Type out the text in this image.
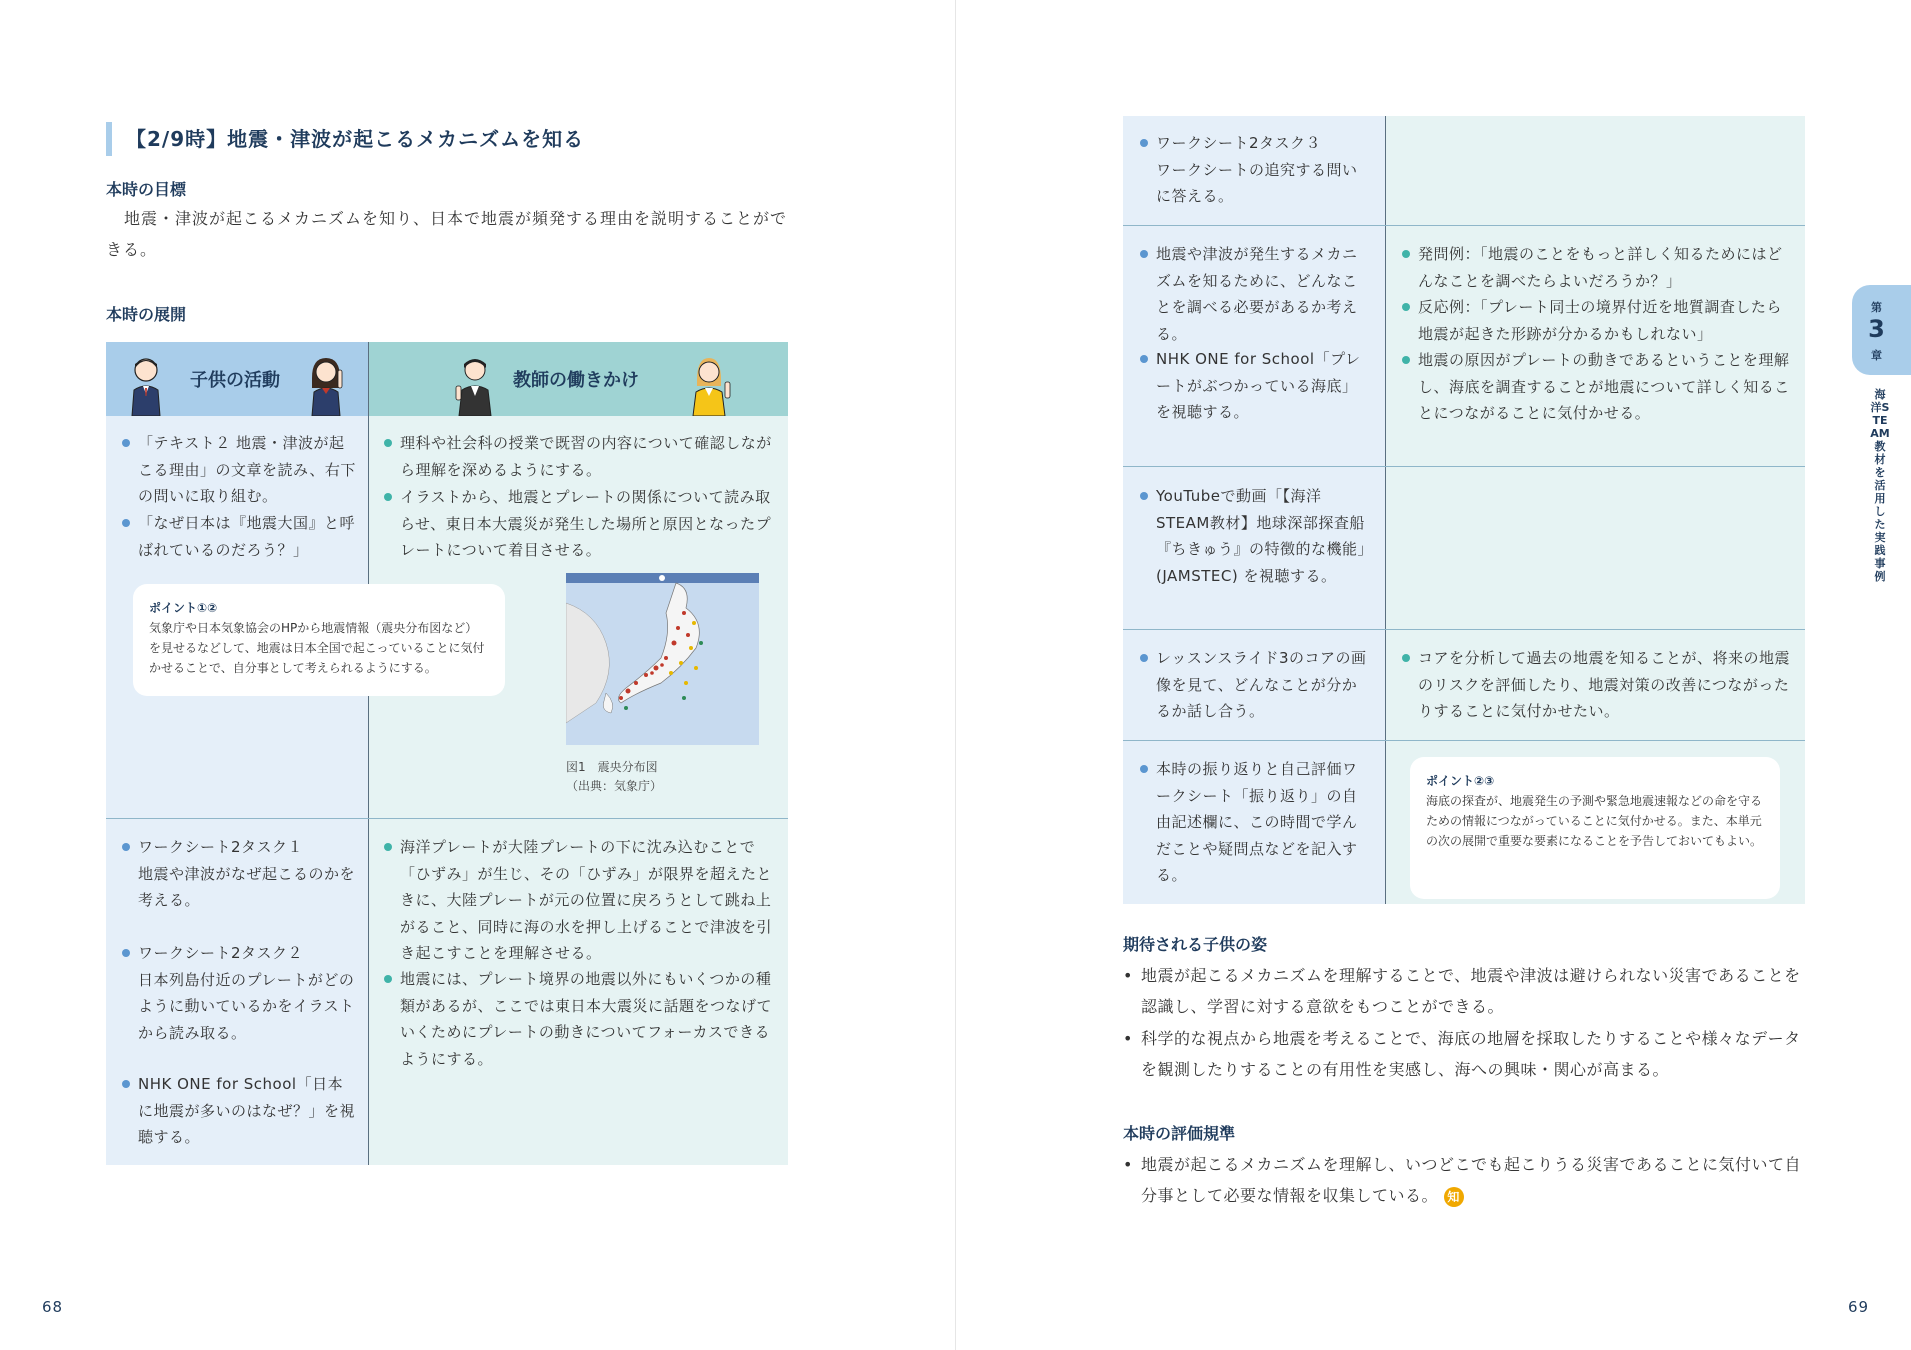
【2/9時】地震・津波が起こるメカニズムを知る
本時の目標
地震・津波が起こるメカニズムを知り、日本で地震が頻発する理由を説明することがで
きる。
本時の展開
子供の活動	教師の働きかけ
「テキスト２ 地震・津波が起こる理由」の文章を読み、右下の問いに取り組む。
「なぜ日本は『地震大国』と呼ばれているのだろう？」
理科や社会科の授業で既習の内容について確認しながら理解を深めるようにする。
イラストから、地震とプレートの関係について読み取らせ、東日本大震災が発生した場所と原因となったプレートについて着目させる。
ポイント①②
気象庁や日本気象協会のHPから地震情報（震央分布図など）を見せるなどして、地震は日本全国で起こっていることに気付かせることで、自分事として考えられるようにする。
図1　震央分布図
（出典：気象庁）
ワークシート2タスク１
地震や津波がなぜ起こるのかを考える。
ワークシート2タスク２
日本列島付近のプレートがどのように動いているかをイラストから読み取る。
NHK ONE for School「日本に地震が多いのはなぜ？」を視聴する。
海洋プレートが大陸プレートの下に沈み込むことで「ひずみ」が生じ、その「ひずみ」が限界を超えたときに、大陸プレートが元の位置に戻ろうとして跳ね上がること、同時に海の水を押し上げることで津波を引き起こすことを理解させる。
地震には、プレート境界の地震以外にもいくつかの種類があるが、ここでは東日本大震災に話題をつなげていくためにプレートの動きについてフォーカスできるようにする。
68
ワークシート2タスク３
ワークシートの追究する問いに答える。
地震や津波が発生するメカニズムを知るために、どんなことを調べる必要があるか考える。
NHK ONE for School「プレートがぶつかっている海底」を視聴する。
発問例：「地震のことをもっと詳しく知るためにはどんなことを調べたらよいだろうか？」
反応例：「プレート同士の境界付近を地質調査したら地震が起きた形跡が分かるかもしれない」
地震の原因がプレートの動きであるということを理解し、海底を調査することが地震について詳しく知ることにつながることに気付かせる。
YouTubeで動画「【海洋STEAM教材】地球深部探査船『ちきゅう』の特徴的な機能」(JAMSTEC) を視聴する。
レッスンスライド3のコアの画像を見て、どんなことが分かるか話し合う。
コアを分析して過去の地震を知ることが、将来の地震のリスクを評価したり、地震対策の改善につながったりすることに気付かせたい。
本時の振り返りと自己評価ワークシート「振り返り」の自由記述欄に、この時間で学んだことや疑問点などを記入する。
ポイント②③
海底の探査が、地震発生の予測や緊急地震速報などの命を守るための情報につながっていることに気付かせる。また、本単元の次の展開で重要な要素になることを予告しておいてもよい。
期待される子供の姿
• 地震が起こるメカニズムを理解することで、地震や津波は避けられない災害であることを認識し、学習に対する意欲をもつことができる。
• 科学的な視点から地震を考えることで、海底の地層を採取したりすることや様々なデータを観測したりすることの有用性を実感し、海への興味・関心が高まる。
本時の評価規準
• 地震が起こるメカニズムを理解し、いつどこでも起こりうる災害であることに気付いて自分事として必要な情報を収集している。 知
第
3
章
海洋STEAM教材を活用した実践事例
69
